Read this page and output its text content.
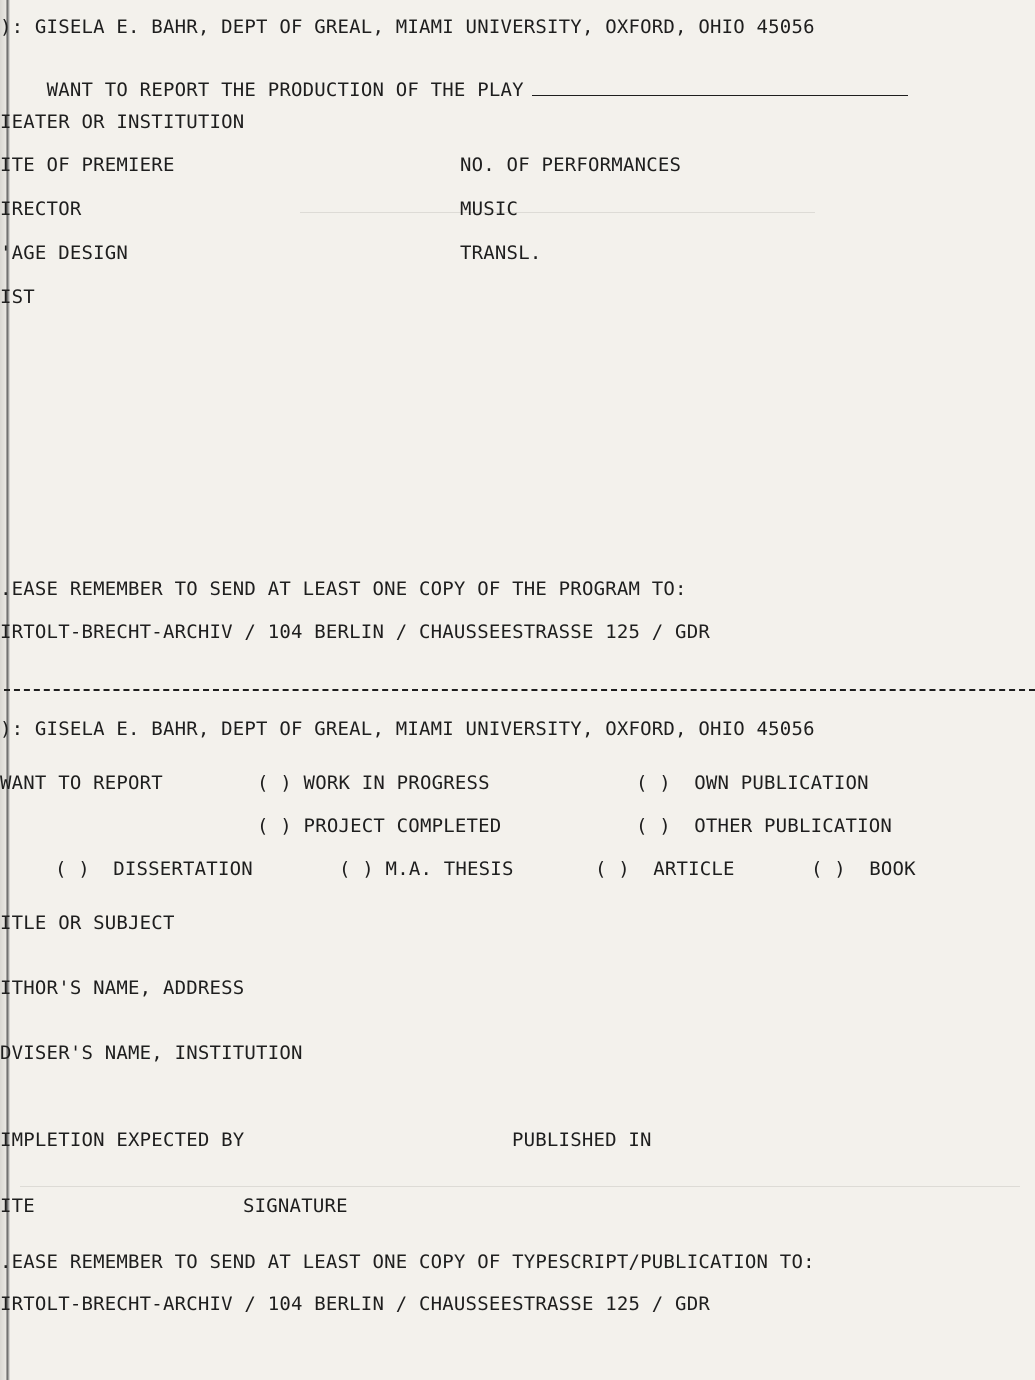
): GISELA E. BAHR, DEPT OF GREAL, MIAMI UNIVERSITY, OXFORD, OHIO 45056

WANT TO REPORT THE PRODUCTION OF THE PLAY

IEATER OR INSTITUTION
ITE OF PREMIERE	NO. OF PERFORMANCES
IRECTOR	MUSIC
'AGE DESIGN	TRANSL.
IST
.EASE REMEMBER TO SEND AT LEAST ONE COPY OF THE PROGRAM TO:
IRTOLT-BRECHT-ARCHIV / 104 BERLIN / CHAUSSEESTRASSE 125 / GDR
): GISELA E. BAHR, DEPT OF GREAL, MIAMI UNIVERSITY, OXFORD, OHIO 45056
WANT TO REPORT	( ) WORK IN PROGRESS	( )  OWN PUBLICATION
( ) PROJECT COMPLETED	( )  OTHER PUBLICATION
( )  DISSERTATION	( ) M.A. THESIS	( )  ARTICLE	( )  BOOK
ITLE OR SUBJECT
ITHOR'S NAME, ADDRESS
DVISER'S NAME, INSTITUTION
IMPLETION EXPECTED BY	PUBLISHED IN
ITE	SIGNATURE
.EASE REMEMBER TO SEND AT LEAST ONE COPY OF TYPESCRIPT/PUBLICATION TO:
IRTOLT-BRECHT-ARCHIV / 104 BERLIN / CHAUSSEESTRASSE 125 / GDR
